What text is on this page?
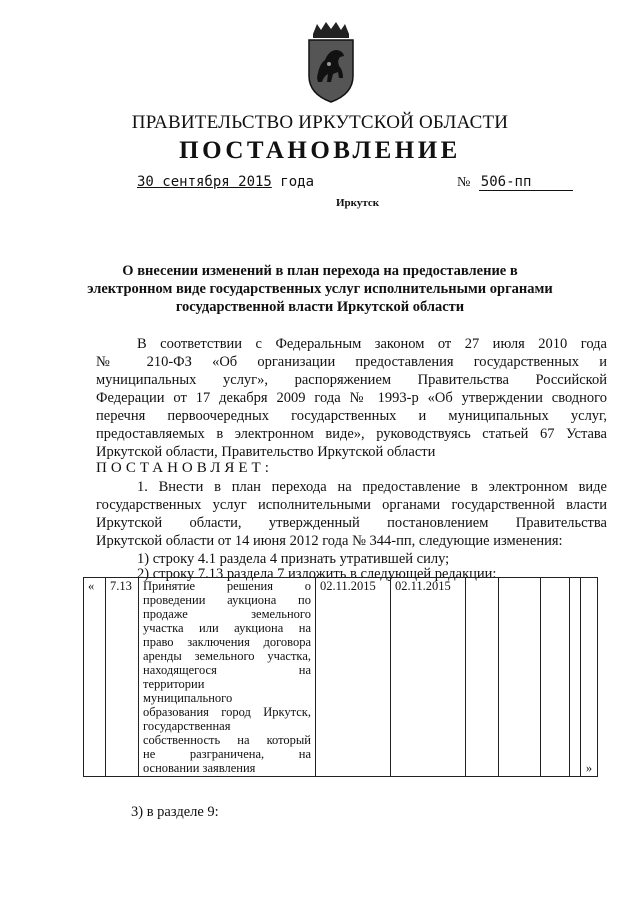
ПРАВИТЕЛЬСТВО ИРКУТСКОЙ ОБЛАСТИ
ПОСТАНОВЛЕНИЕ
30 сентября 2015 года	№ 506-пп
Иркутск
О внесении изменений в план перехода на предоставление в
электронном виде государственных услуг исполнительными органами
государственной власти Иркутской области
В соответствии с Федеральным законом от 27 июля 2010 года
№ 210-ФЗ «Об организации предоставления государственных и
муниципальных услуг», распоряжением Правительства Российской
Федерации от 17 декабря 2009 года № 1993-р «Об утверждении сводного
перечня первоочередных государственных и муниципальных услуг,
предоставляемых в электронном виде», руководствуясь статьей 67 Устава
Иркутской области, Правительство Иркутской области
ПОСТАНОВЛЯЕТ:
1. Внести в план перехода на предоставление в электронном виде
государственных услуг исполнительными органами государственной власти
Иркутской области, утвержденный постановлением Правительства
Иркутской области от 14 июня 2012 года № 344-пп, следующие изменения:
1) строку 4.1 раздела 4 признать утратившей силу;
2) строку 7.13 раздела 7 изложить в следующей редакции:
«	7.13	Принятие решения о
проведении аукциона по
продаже земельного
участка или аукциона на
право заключения договора
аренды земельного участка,
находящегося на
территории
муниципального
образования город Иркутск,
государственная
собственность на который
не разграничена, на
основании заявления
	02.11.2015	02.11.2015					»
3) в разделе 9:
